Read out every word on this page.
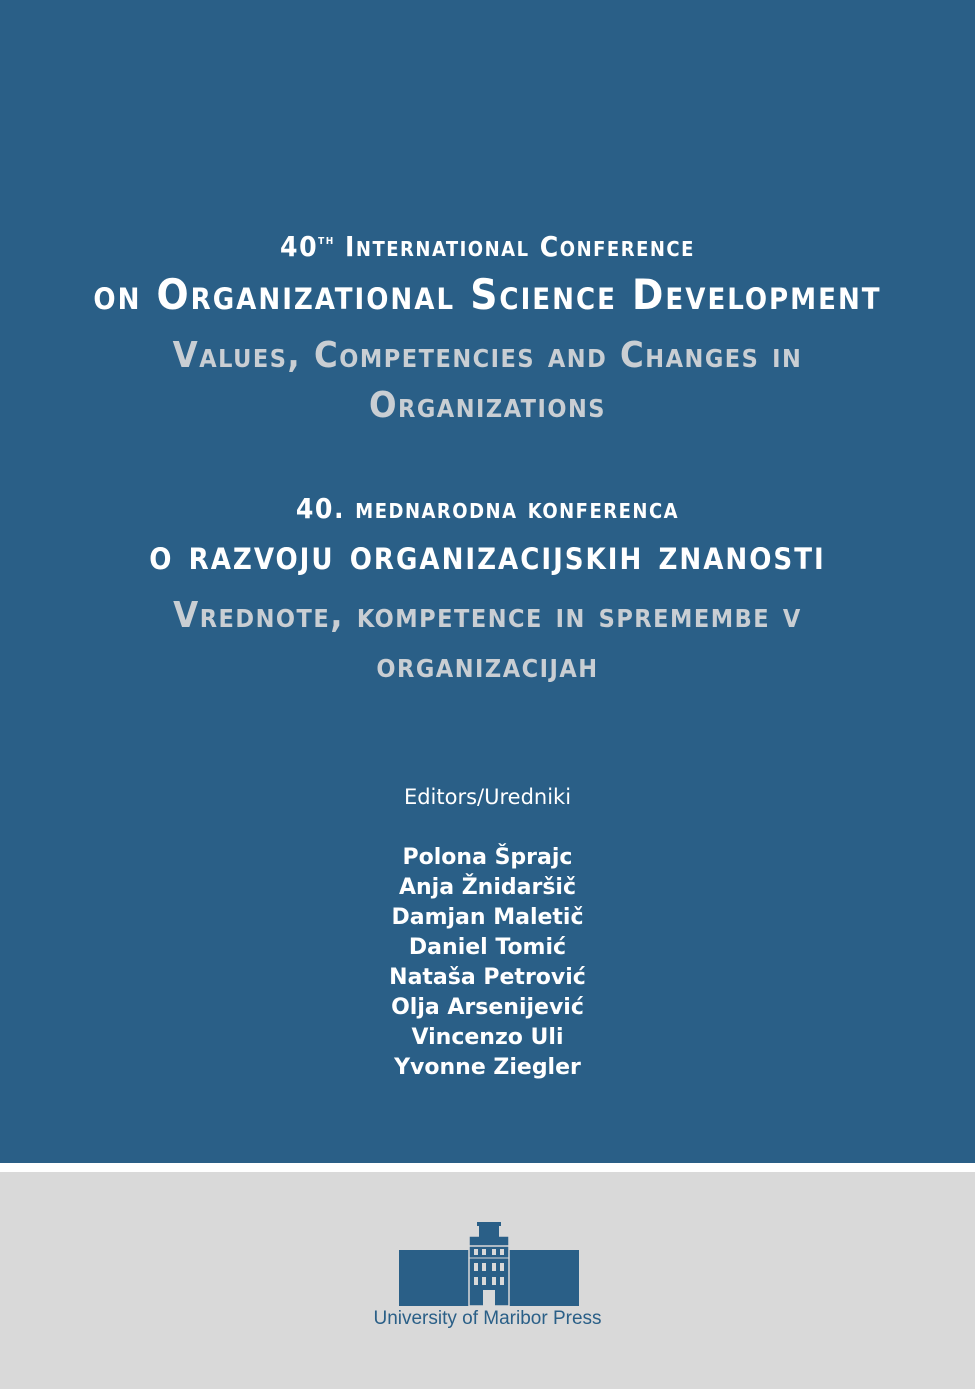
40th International Conference
on Organizational Science Development
Values, Competencies and Changes in
Organizations
40. mednarodna konferenca
o razvoju organizacijskih znanosti
Vrednote, kompetence in spremembe v
organizacijah
Editors/Uredniki
Polona Šprajc
Anja Žnidaršič
Damjan Maletič
Daniel Tomić
Nataša Petrović
Olja Arsenijević
Vincenzo Uli
Yvonne Ziegler
University of Maribor Press
